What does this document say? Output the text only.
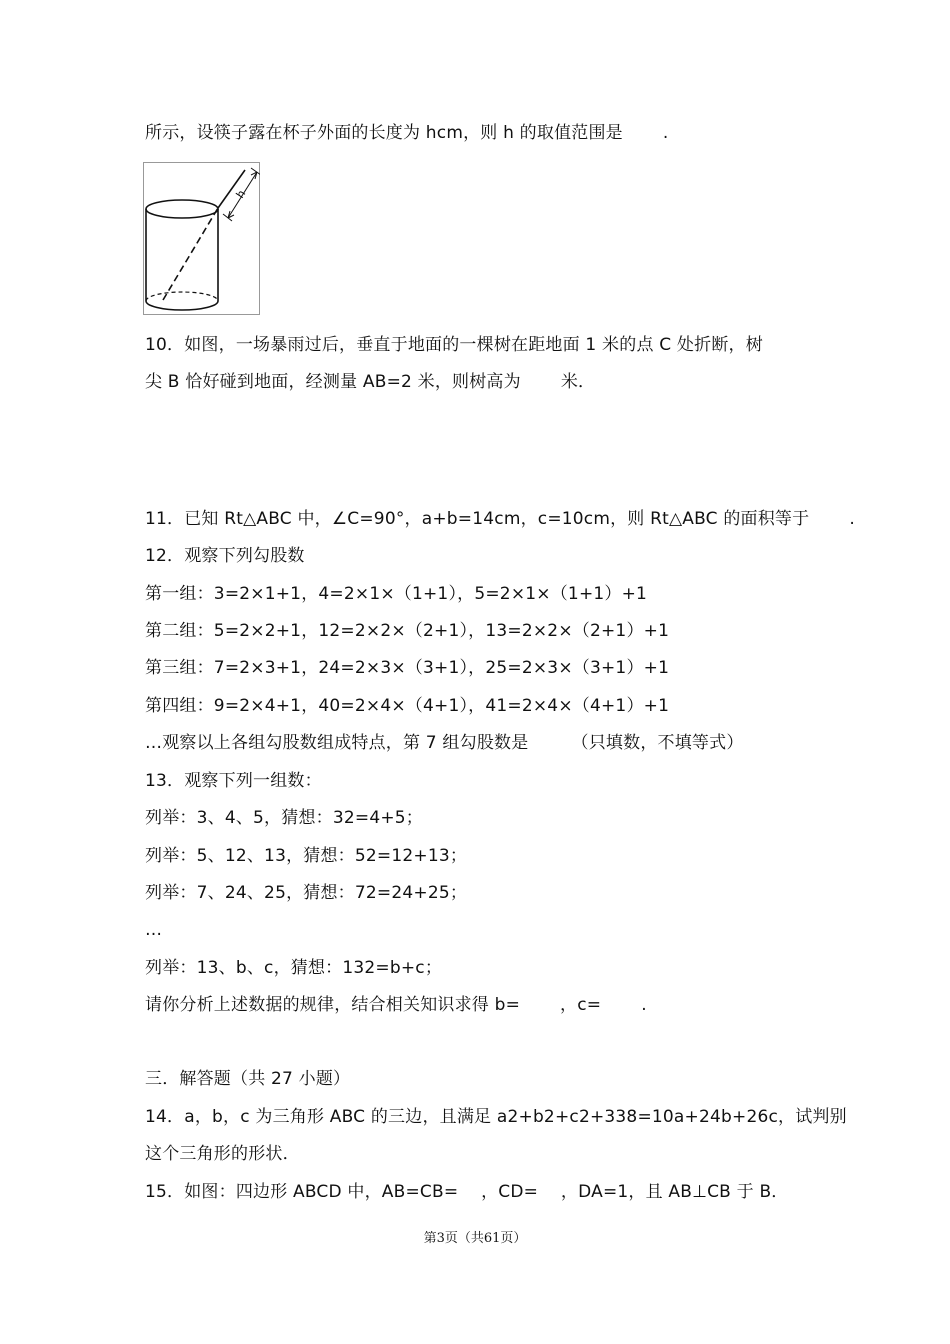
所示，设筷子露在杯子外面的长度为 hcm，则 h 的取值范围是　　 .
h
10．如图，一场暴雨过后，垂直于地面的一棵树在距地面 1 米的点 C 处折断，树
尖 B 恰好碰到地面，经测量 AB=2 米，则树高为　　 米．
11．已知 Rt△ABC 中，∠C=90°，a+b=14cm，c=10cm，则 Rt△ABC 的面积等于　　 .
12．观察下列勾股数
第一组：3=2×1+1，4=2×1×（1+1），5=2×1×（1+1）+1
第二组：5=2×2+1，12=2×2×（2+1），13=2×2×（2+1）+1
第三组：7=2×3+1，24=2×3×（3+1），25=2×3×（3+1）+1
第四组：9=2×4+1，40=2×4×（4+1），41=2×4×（4+1）+1
…观察以上各组勾股数组成特点，第 7 组勾股数是　　　（只填数，不填等式）
13．观察下列一组数：
列举：3、4、5，猜想：32=4+5；
列举：5、12、13，猜想：52=12+13；
列举：7、24、25，猜想：72=24+25；
…
列举：13、b、c，猜想：132=b+c；
请你分析上述数据的规律，结合相关知识求得 b=　　 ，c=　　 .
三．解答题（共 27 小题）
14．a，b，c 为三角形 ABC 的三边，且满足 a2+b2+c2+338=10a+24b+26c，试判别
这个三角形的形状．
15．如图：四边形 ABCD 中，AB=CB=　 ，CD=　 ，DA=1，且 AB⊥CB 于 B．
第3页（共61页）
